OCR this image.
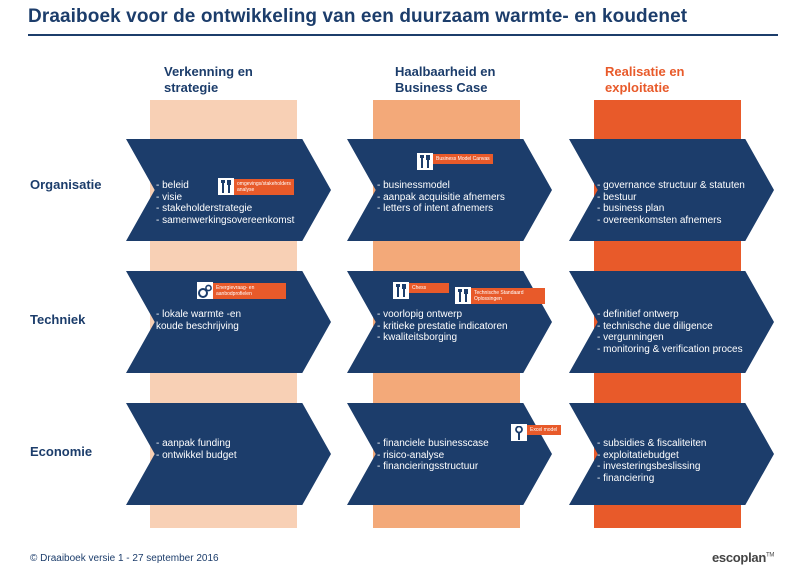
Draaiboek voor de ontwikkeling van een duurzaam warmte- en koudenet
Verkenning en
strategie
Haalbaarheid en
Business Case
Realisatie en
exploitatie
Organisatie
Techniek
Economie
- beleid
- visie
- stakeholderstrategie
- samenwerkingsovereenkomst
- businessmodel
- aanpak acquisitie afnemers
- letters of intent afnemers
- governance structuur & statuten
- bestuur
- business plan
- overeenkomsten afnemers
- lokale warmte -en koude beschrijving
- voorlopig ontwerp
- kritieke prestatie indicatoren
- kwaliteitsborging
- definitief ontwerp
- technische due diligence
- vergunningen
- monitoring & verification proces
- aanpak funding
- ontwikkel budget
- financiele businesscase
- risico-analyse
- financieringsstructuur
- subsidies & fiscaliteiten
- exploitatiebudget
- investeringsbeslissing
- financiering
omgevings/stakeholders
analyse
Business Model Canvas
Energievraag- en
aanbodprofielen
Chess
Technische Standaard
Oplossingen
Excel model
© Draaiboek versie 1 - 27 september 2016	escoplan™
